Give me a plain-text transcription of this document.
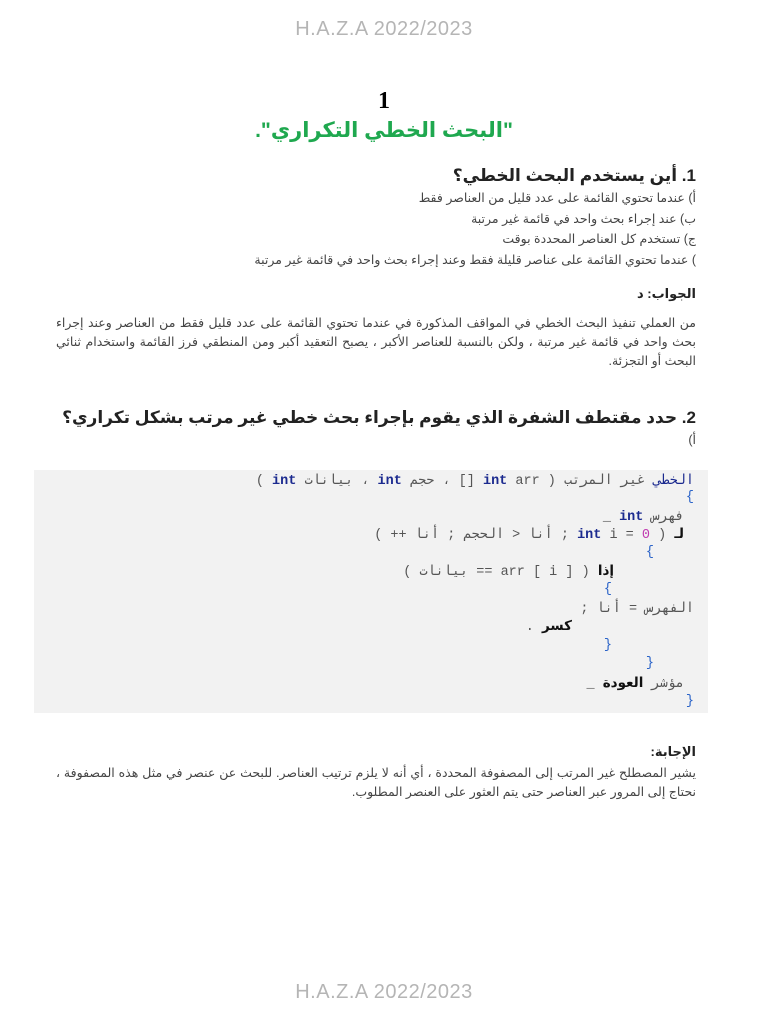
H.A.Z.A 2022/2023
1
"البحث الخطي التكراري".
1. أين يستخدم البحث الخطي؟
أ) عندما تحتوي القائمة على عدد قليل من العناصر فقط
ب) عند إجراء بحث واحد في قائمة غير مرتبة
ج) تستخدم كل العناصر المحددة بوقت
) عندما تحتوي القائمة على عناصر قليلة فقط وعند إجراء بحث واحد في قائمة غير مرتبة
الجواب: د
من العملي تنفيذ البحث الخطي في المواقف المذكورة في عندما تحتوي القائمة على عدد قليل فقط من العناصر وعند إجراء بحث واحد في قائمة غير مرتبة ، ولكن بالنسبة للعناصر الأكبر ، يصبح التعقيد أكبر ومن المنطقي فرز القائمة واستخدام ثنائي البحث أو التجزئة.
2. حدد مقتطف الشفرة الذي يقوم بإجراء بحث خطي غير مرتب بشكل تكراري؟
أ)
الخطي غير المرتب ( int arr [] ، حجم int ، بيانات int )
}
فهرس int _
لـ ( int i = 0 ; أنا < الحجم ; أنا ++ )
}
إذا ( arr [ i ] == بيانات )
}
الفهرس = أنا ;
كسر .
{
{
مؤشر العودة _
{
الإجابة:
يشير المصطلح غير المرتب إلى المصفوفة المحددة ، أي أنه لا يلزم ترتيب العناصر. للبحث عن عنصر في مثل هذه المصفوفة ، نحتاج إلى المرور عبر العناصر حتى يتم العثور على العنصر المطلوب.
H.A.Z.A 2022/2023
